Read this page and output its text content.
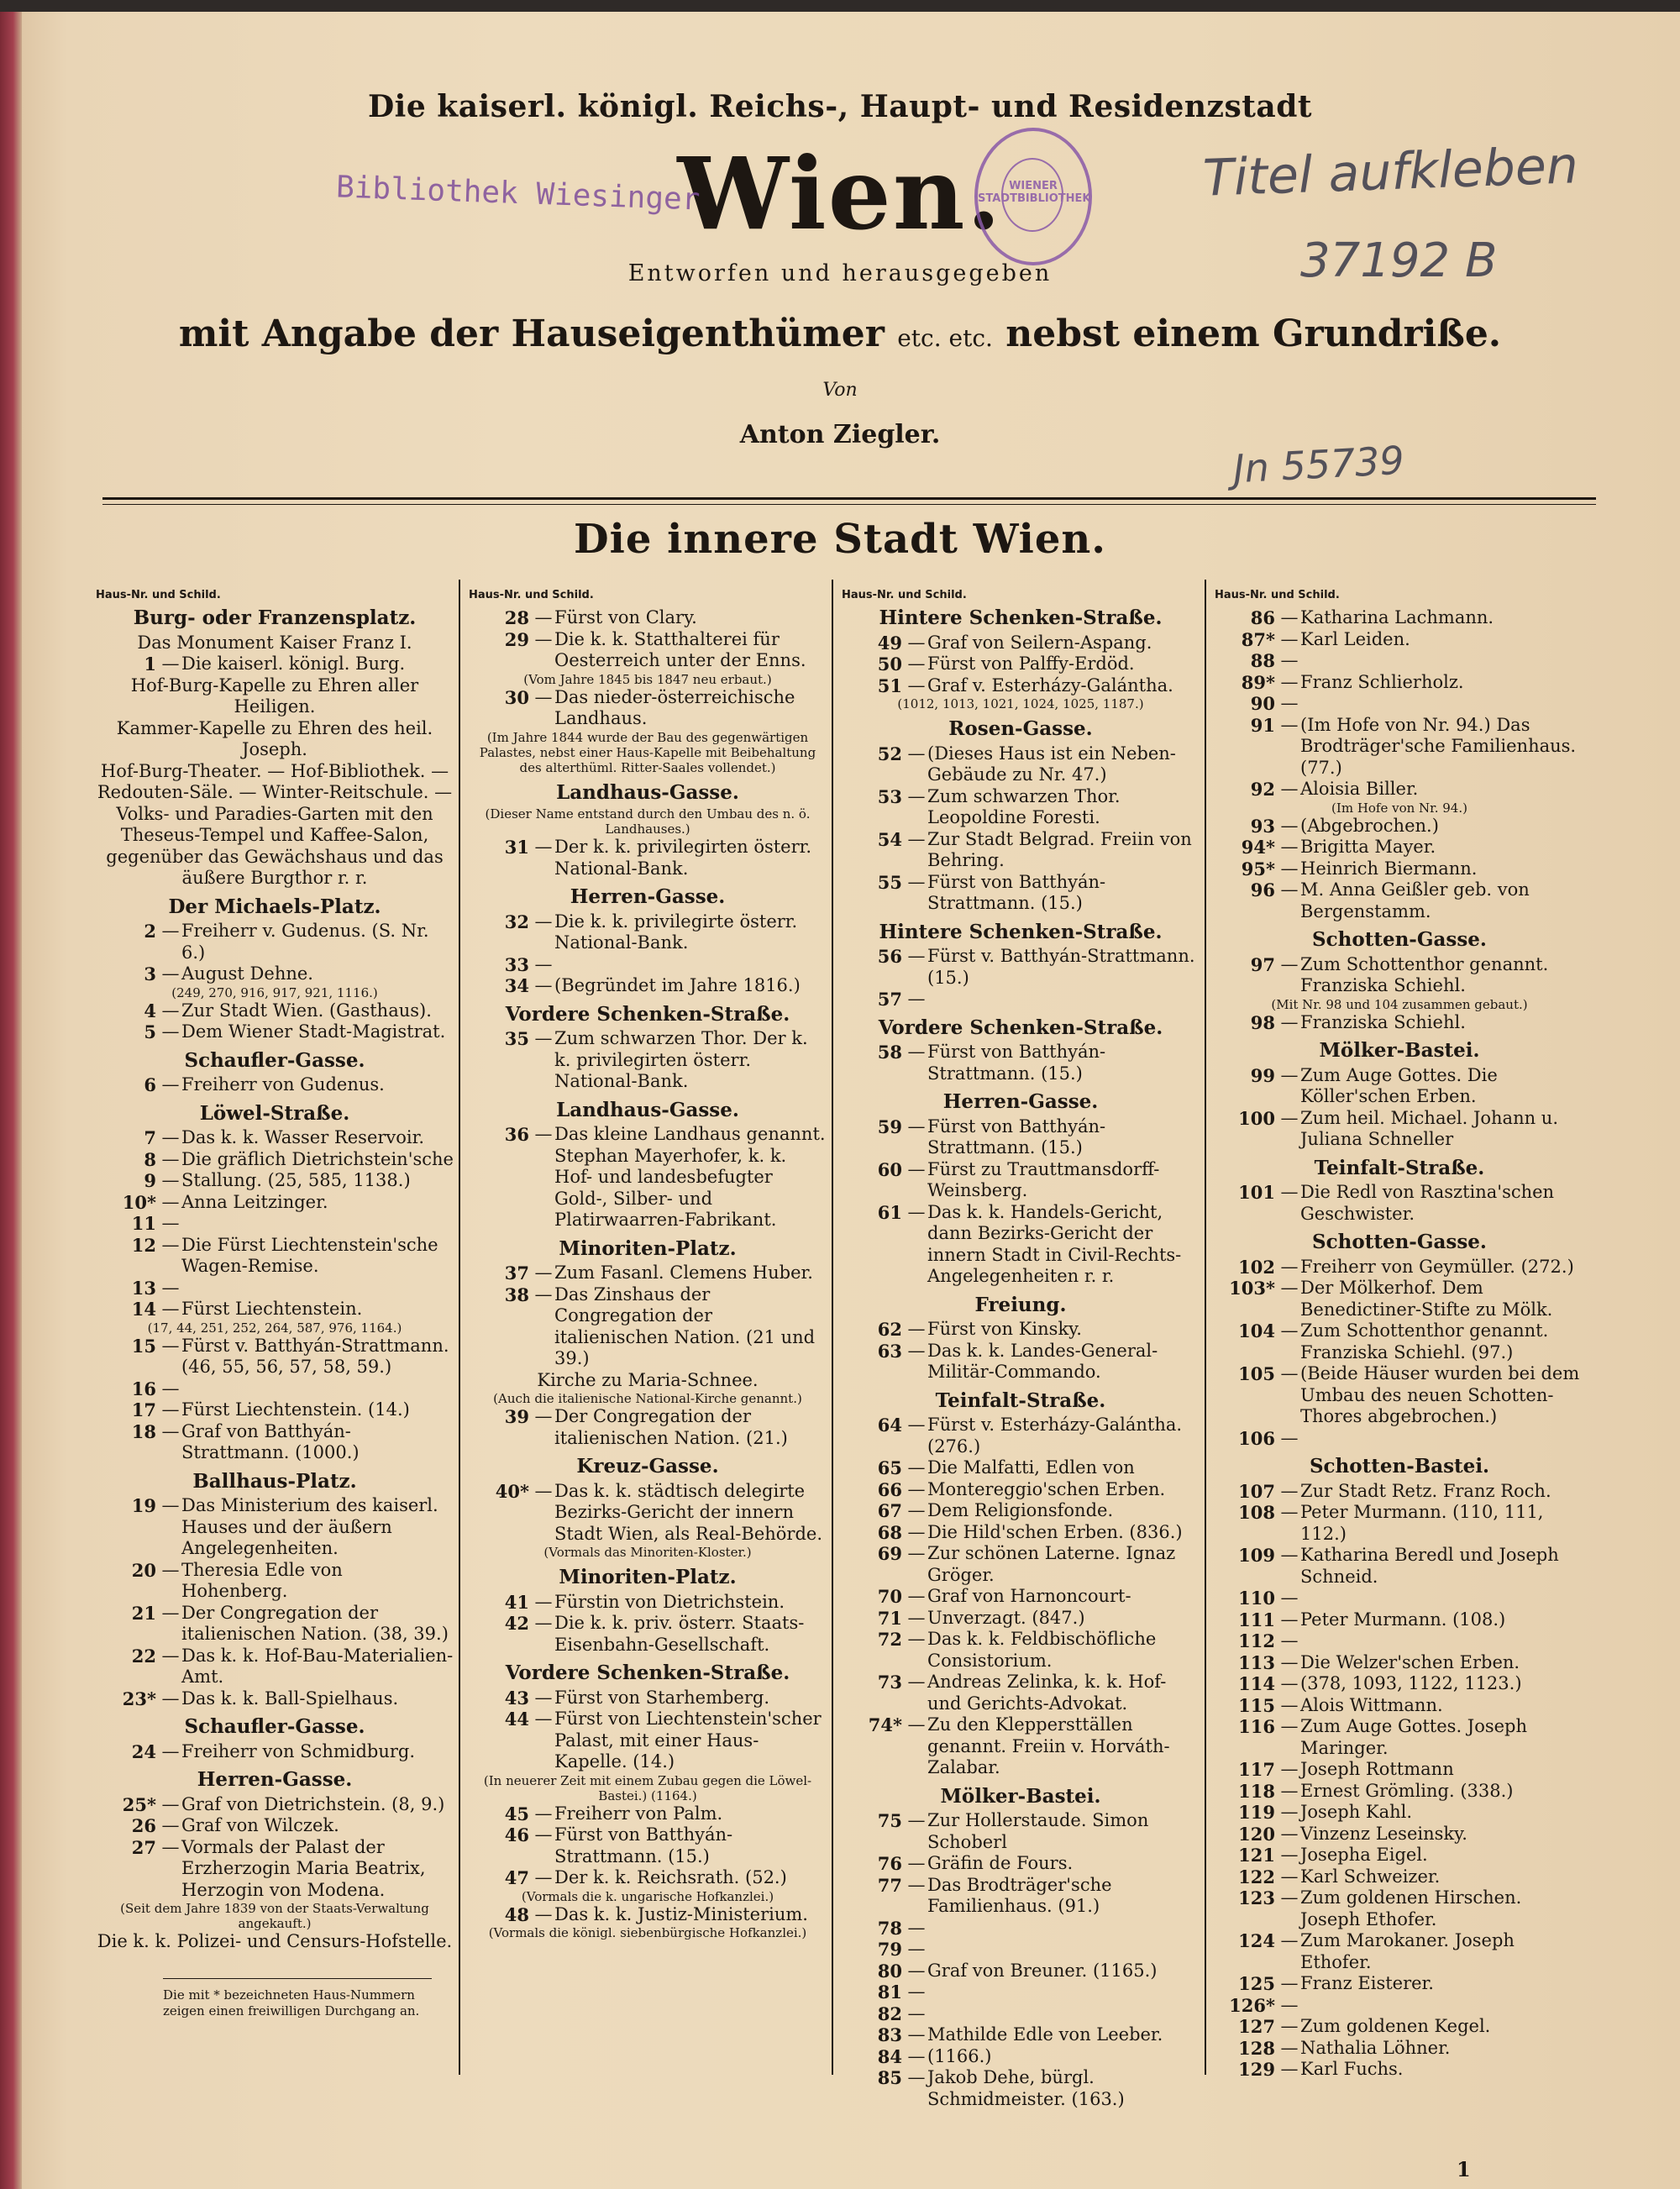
Die kaiserl. königl. Reichs-, Haupt- und Residenzstadt
Wien.
Entworfen und herausgegeben
mit Angabe der Hauseigenthümer etc. etc. nebst einem Grundriße.
Von
Anton Ziegler.
Bibliothek Wiesinger	WIENER STADTBIBLIOTHEK Titel aufkleben
37192 B
Jn 55739
Die innere Stadt Wien.
Haus-Nr. und Schild.
Burg- oder Franzensplatz.
Das Monument Kaiser Franz I.
1 — Die kaiserl. königl. Burg.
Hof-Burg-Kapelle zu Ehren aller Heiligen.
Kammer-Kapelle zu Ehren des heil. Joseph.
Hof-Burg-Theater. — Hof-Bibliothek. — Redouten-Säle. — Winter-Reitschule. — Volks- und Paradies-Garten mit den Theseus-Tempel und Kaffee-Salon, gegenüber das Gewächshaus und das äußere Burgthor r. r.
Der Michaels-Platz.
2 — Freiherr v. Gudenus. (S. Nr. 6.)
3 — August Dehne.
(249, 270, 916, 917, 921, 1116.)
4 — Zur Stadt Wien. (Gasthaus).
5 — Dem Wiener Stadt-Magistrat.
Schaufler-Gasse.
6 — Freiherr von Gudenus.
Löwel-Straße.
7 — Das k. k. Wasser Reservoir.
8 — Die gräflich Dietrichstein'sche
9 — Stallung. (25, 585, 1138.)
10* — Anna Leitzinger.
11 —
12 — Die Fürst Liechtenstein'sche Wagen-Remise.
13 —
14 — Fürst Liechtenstein.
(17, 44, 251, 252, 264, 587, 976, 1164.)
15 — Fürst v. Batthyán-Strattmann. (46, 55, 56, 57, 58, 59.)
16 —
17 — Fürst Liechtenstein. (14.)
18 — Graf von Batthyán-Strattmann. (1000.)
Ballhaus-Platz.
19 — Das Ministerium des kaiserl. Hauses und der äußern Angelegenheiten.
20 — Theresia Edle von Hohenberg.
21 — Der Congregation der italienischen Nation. (38, 39.)
22 — Das k. k. Hof-Bau-Materialien-Amt.
23* — Das k. k. Ball-Spielhaus.
Schaufler-Gasse.
24 — Freiherr von Schmidburg.
Herren-Gasse.
25* — Graf von Dietrichstein. (8, 9.)
26 — Graf von Wilczek.
27 — Vormals der Palast der Erzherzogin Maria Beatrix, Herzogin von Modena.
(Seit dem Jahre 1839 von der Staats-Verwaltung angekauft.)
Die k. k. Polizei- und Censurs-Hofstelle.
Die mit * bezeichneten Haus-Nummern zeigen einen freiwilligen Durchgang an.
Haus-Nr. und Schild.
28 — Fürst von Clary.
29 — Die k. k. Statthalterei für Oesterreich unter der Enns.
(Vom Jahre 1845 bis 1847 neu erbaut.)
30 — Das nieder-österreichische Landhaus.
(Im Jahre 1844 wurde der Bau des gegenwärtigen Palastes, nebst einer Haus-Kapelle mit Beibehaltung des alterthüml. Ritter-Saales vollendet.)
Landhaus-Gasse.
(Dieser Name entstand durch den Umbau des n. ö. Landhauses.)
31 — Der k. k. privilegirten österr. National-Bank.
Herren-Gasse.
32 — Die k. k. privilegirte österr. National-Bank.
33 —
34 — (Begründet im Jahre 1816.)
Vordere Schenken-Straße.
35 — Zum schwarzen Thor. Der k. k. privilegirten österr. National-Bank.
Landhaus-Gasse.
36 — Das kleine Landhaus genannt. Stephan Mayerhofer, k. k. Hof- und landesbefugter Gold-, Silber- und Platirwaarren-Fabrikant.
Minoriten-Platz.
37 — Zum Fasanl. Clemens Huber.
38 — Das Zinshaus der Congregation der italienischen Nation. (21 und 39.)
Kirche zu Maria-Schnee.
(Auch die italienische National-Kirche genannt.)
39 — Der Congregation der italienischen Nation. (21.)
Kreuz-Gasse.
40* — Das k. k. städtisch delegirte Bezirks-Gericht der innern Stadt Wien, als Real-Behörde.
(Vormals das Minoriten-Kloster.)
Minoriten-Platz.
41 — Fürstin von Dietrichstein.
42 — Die k. k. priv. österr. Staats-Eisenbahn-Gesellschaft.
Vordere Schenken-Straße.
43 — Fürst von Starhemberg.
44 — Fürst von Liechtenstein'scher Palast, mit einer Haus-Kapelle. (14.)
(In neuerer Zeit mit einem Zubau gegen die Löwel-Bastei.) (1164.)
45 — Freiherr von Palm.
46 — Fürst von Batthyán-Strattmann. (15.)
47 — Der k. k. Reichsrath. (52.)
(Vormals die k. ungarische Hofkanzlei.)
48 — Das k. k. Justiz-Ministerium.
(Vormals die königl. siebenbürgische Hofkanzlei.)
Haus-Nr. und Schild.
Hintere Schenken-Straße.
49 — Graf von Seilern-Aspang.
50 — Fürst von Palffy-Erdöd.
51 — Graf v. Esterházy-Galántha.
(1012, 1013, 1021, 1024, 1025, 1187.)
Rosen-Gasse.
52 — (Dieses Haus ist ein Neben-Gebäude zu Nr. 47.)
53 — Zum schwarzen Thor. Leopoldine Foresti.
54 — Zur Stadt Belgrad. Freiin von Behring.
55 — Fürst von Batthyán-Strattmann. (15.)
Hintere Schenken-Straße.
56 — Fürst v. Batthyán-Strattmann. (15.)
57 —
Vordere Schenken-Straße.
58 — Fürst von Batthyán-Strattmann. (15.)
Herren-Gasse.
59 — Fürst von Batthyán-Strattmann. (15.)
60 — Fürst zu Trauttmansdorff-Weinsberg.
61 — Das k. k. Handels-Gericht, dann Bezirks-Gericht der innern Stadt in Civil-Rechts-Angelegenheiten r. r.
Freiung.
62 — Fürst von Kinsky.
63 — Das k. k. Landes-General-Militär-Commando.
Teinfalt-Straße.
64 — Fürst v. Esterházy-Galántha. (276.)
65 — Die Malfatti, Edlen von
66 — Montereggio'schen Erben.
67 — Dem Religionsfonde.
68 — Die Hild'schen Erben. (836.)
69 — Zur schönen Laterne. Ignaz Gröger.
70 — Graf von Harnoncourt-
71 — Unverzagt. (847.)
72 — Das k. k. Feldbischöfliche Consistorium.
73 — Andreas Zelinka, k. k. Hof- und Gerichts-Advokat.
74* — Zu den Kleppersttällen genannt. Freiin v. Horváth-Zalabar.
Mölker-Bastei.
75 — Zur Hollerstaude. Simon Schoberl
76 — Gräfin de Fours.
77 — Das Brodträger'sche Familienhaus. (91.)
78 —
79 —
80 — Graf von Breuner. (1165.)
81 —
82 —
83 — Mathilde Edle von Leeber.
84 — (1166.)
85 — Jakob Dehe, bürgl. Schmidmeister. (163.)
Haus-Nr. und Schild.
86 — Katharina Lachmann.
87* — Karl Leiden.
88 —
89* — Franz Schlierholz.
90 —
91 — (Im Hofe von Nr. 94.) Das Brodträger'sche Familienhaus. (77.)
92 — Aloisia Biller.
(Im Hofe von Nr. 94.)
93 — (Abgebrochen.)
94* — Brigitta Mayer.
95* — Heinrich Biermann.
96 — M. Anna Geißler geb. von Bergenstamm.
Schotten-Gasse.
97 — Zum Schottenthor genannt. Franziska Schiehl.
(Mit Nr. 98 und 104 zusammen gebaut.)
98 — Franziska Schiehl.
Mölker-Bastei.
99 — Zum Auge Gottes. Die Köller'schen Erben.
100 — Zum heil. Michael. Johann u. Juliana Schneller
Teinfalt-Straße.
101 — Die Redl von Rasztina'schen Geschwister.
Schotten-Gasse.
102 — Freiherr von Geymüller. (272.)
103* — Der Mölkerhof. Dem Benedictiner-Stifte zu Mölk.
104 — Zum Schottenthor genannt. Franziska Schiehl. (97.)
105 — (Beide Häuser wurden bei dem Umbau des neuen Schotten-Thores abgebrochen.)
106 —
Schotten-Bastei.
107 — Zur Stadt Retz. Franz Roch.
108 — Peter Murmann. (110, 111, 112.)
109 — Katharina Beredl und Joseph Schneid.
110 —
111 — Peter Murmann. (108.)
112 —
113 — Die Welzer'schen Erben.
114 — (378, 1093, 1122, 1123.)
115 — Alois Wittmann.
116 — Zum Auge Gottes. Joseph Maringer.
117 — Joseph Rottmann
118 — Ernest Grömling. (338.)
119 — Joseph Kahl.
120 — Vinzenz Leseinsky.
121 — Josepha Eigel.
122 — Karl Schweizer.
123 — Zum goldenen Hirschen. Joseph Ethofer.
124 — Zum Marokaner. Joseph Ethofer.
125 — Franz Eisterer.
126* —
127 — Zum goldenen Kegel.
128 — Nathalia Löhner.
129 — Karl Fuchs.
1
